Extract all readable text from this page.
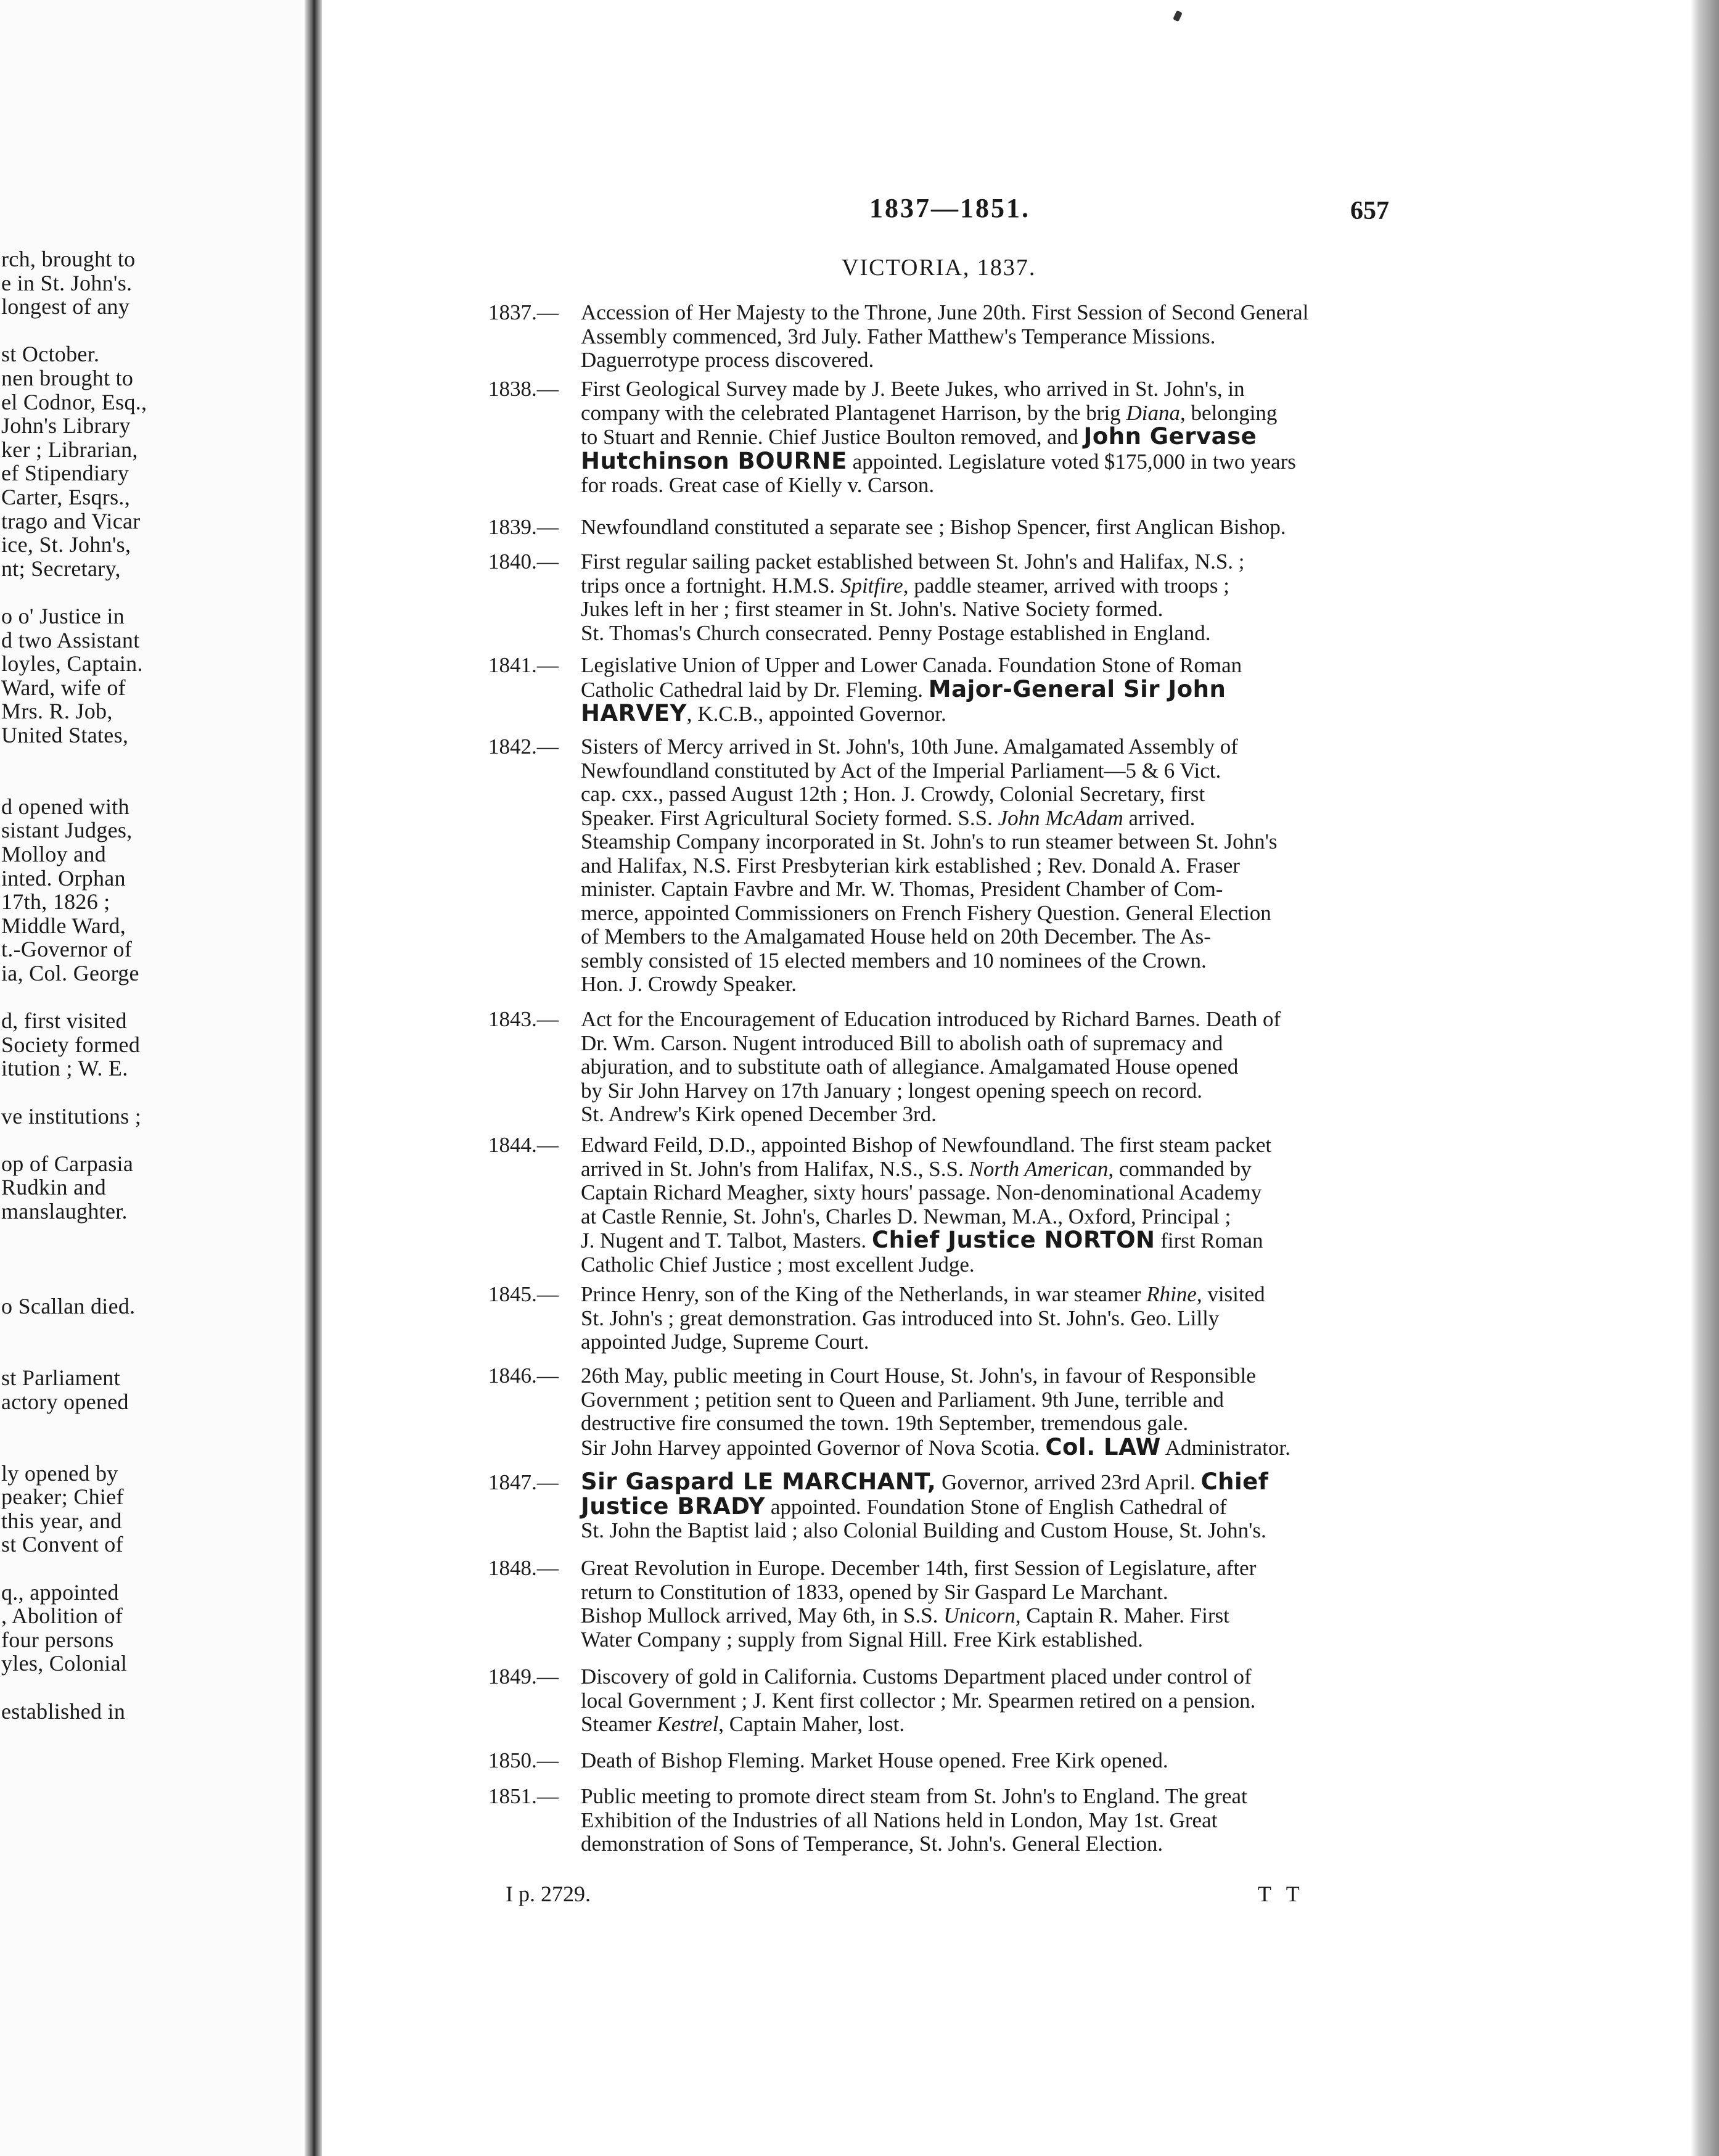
rch, brought to
e in St. John's.
longest of any
st October.
nen brought to
el Codnor, Esq.,
John's Library
ker ; Librarian,
ef Stipendiary
Carter, Esqrs.,
trago and Vicar
ice, St. John's,
nt; Secretary,
o o' Justice in
d two Assistant
loyles, Captain.
Ward, wife of
Mrs. R. Job,
United States,
d opened with
sistant Judges,
Molloy and
inted. Orphan
17th, 1826 ;
Middle Ward,
t.-Governor of
ia, Col. George
d, first visited
Society formed
itution ; W. E.
ve institutions ;
op of Carpasia
Rudkin and
manslaughter.
o Scallan died.
st Parliament
actory opened
ly opened by
peaker; Chief
this year, and
st Convent of
q., appointed
, Abolition of
four persons
yles, Colonial
established in
1837—1851.	657
VICTORIA, 1837.
1837.— Accession of Her Majesty to the Throne, June 20th. First Session of Second General
Assembly commenced, 3rd July. Father Matthew's Temperance Missions.
Daguerrotype process discovered.
1838.— First Geological Survey made by J. Beete Jukes, who arrived in St. John's, in
company with the celebrated Plantagenet Harrison, by the brig Diana, belonging
to Stuart and Rennie. Chief Justice Boulton removed, and John Gervase
Hutchinson BOURNE appointed. Legislature voted $175,000 in two years
for roads. Great case of Kielly v. Carson.
1839.— Newfoundland constituted a separate see ; Bishop Spencer, first Anglican Bishop.
1840.— First regular sailing packet established between St. John's and Halifax, N.S. ;
trips once a fortnight. H.M.S. Spitfire, paddle steamer, arrived with troops ;
Jukes left in her ; first steamer in St. John's. Native Society formed.
St. Thomas's Church consecrated. Penny Postage established in England.
1841.— Legislative Union of Upper and Lower Canada. Foundation Stone of Roman
Catholic Cathedral laid by Dr. Fleming. Major-General Sir John
HARVEY, K.C.B., appointed Governor.
1842.— Sisters of Mercy arrived in St. John's, 10th June. Amalgamated Assembly of
Newfoundland constituted by Act of the Imperial Parliament—5 & 6 Vict.
cap. cxx., passed August 12th ; Hon. J. Crowdy, Colonial Secretary, first
Speaker. First Agricultural Society formed. S.S. John McAdam arrived.
Steamship Company incorporated in St. John's to run steamer between St. John's
and Halifax, N.S. First Presbyterian kirk established ; Rev. Donald A. Fraser
minister. Captain Favbre and Mr. W. Thomas, President Chamber of Com-
merce, appointed Commissioners on French Fishery Question. General Election
of Members to the Amalgamated House held on 20th December. The As-
sembly consisted of 15 elected members and 10 nominees of the Crown.
Hon. J. Crowdy Speaker.
1843.— Act for the Encouragement of Education introduced by Richard Barnes. Death of
Dr. Wm. Carson. Nugent introduced Bill to abolish oath of supremacy and
abjuration, and to substitute oath of allegiance. Amalgamated House opened
by Sir John Harvey on 17th January ; longest opening speech on record.
St. Andrew's Kirk opened December 3rd.
1844.— Edward Feild, D.D., appointed Bishop of Newfoundland. The first steam packet
arrived in St. John's from Halifax, N.S., S.S. North American, commanded by
Captain Richard Meagher, sixty hours' passage. Non-denominational Academy
at Castle Rennie, St. John's, Charles D. Newman, M.A., Oxford, Principal ;
J. Nugent and T. Talbot, Masters. Chief Justice NORTON first Roman
Catholic Chief Justice ; most excellent Judge.
1845.— Prince Henry, son of the King of the Netherlands, in war steamer Rhine, visited
St. John's ; great demonstration. Gas introduced into St. John's. Geo. Lilly
appointed Judge, Supreme Court.
1846.— 26th May, public meeting in Court House, St. John's, in favour of Responsible
Government ; petition sent to Queen and Parliament. 9th June, terrible and
destructive fire consumed the town. 19th September, tremendous gale.
Sir John Harvey appointed Governor of Nova Scotia. Col. LAW Administrator.
1847.— Sir Gaspard LE MARCHANT, Governor, arrived 23rd April. Chief
Justice BRADY appointed. Foundation Stone of English Cathedral of
St. John the Baptist laid ; also Colonial Building and Custom House, St. John's.
1848.— Great Revolution in Europe. December 14th, first Session of Legislature, after
return to Constitution of 1833, opened by Sir Gaspard Le Marchant.
Bishop Mullock arrived, May 6th, in S.S. Unicorn, Captain R. Maher. First
Water Company ; supply from Signal Hill. Free Kirk established.
1849.— Discovery of gold in California. Customs Department placed under control of
local Government ; J. Kent first collector ; Mr. Spearmen retired on a pension.
Steamer Kestrel, Captain Maher, lost.
1850.— Death of Bishop Fleming. Market House opened. Free Kirk opened.
1851.— Public meeting to promote direct steam from St. John's to England. The great
Exhibition of the Industries of all Nations held in London, May 1st. Great
demonstration of Sons of Temperance, St. John's. General Election.
I p. 2729.	T T
